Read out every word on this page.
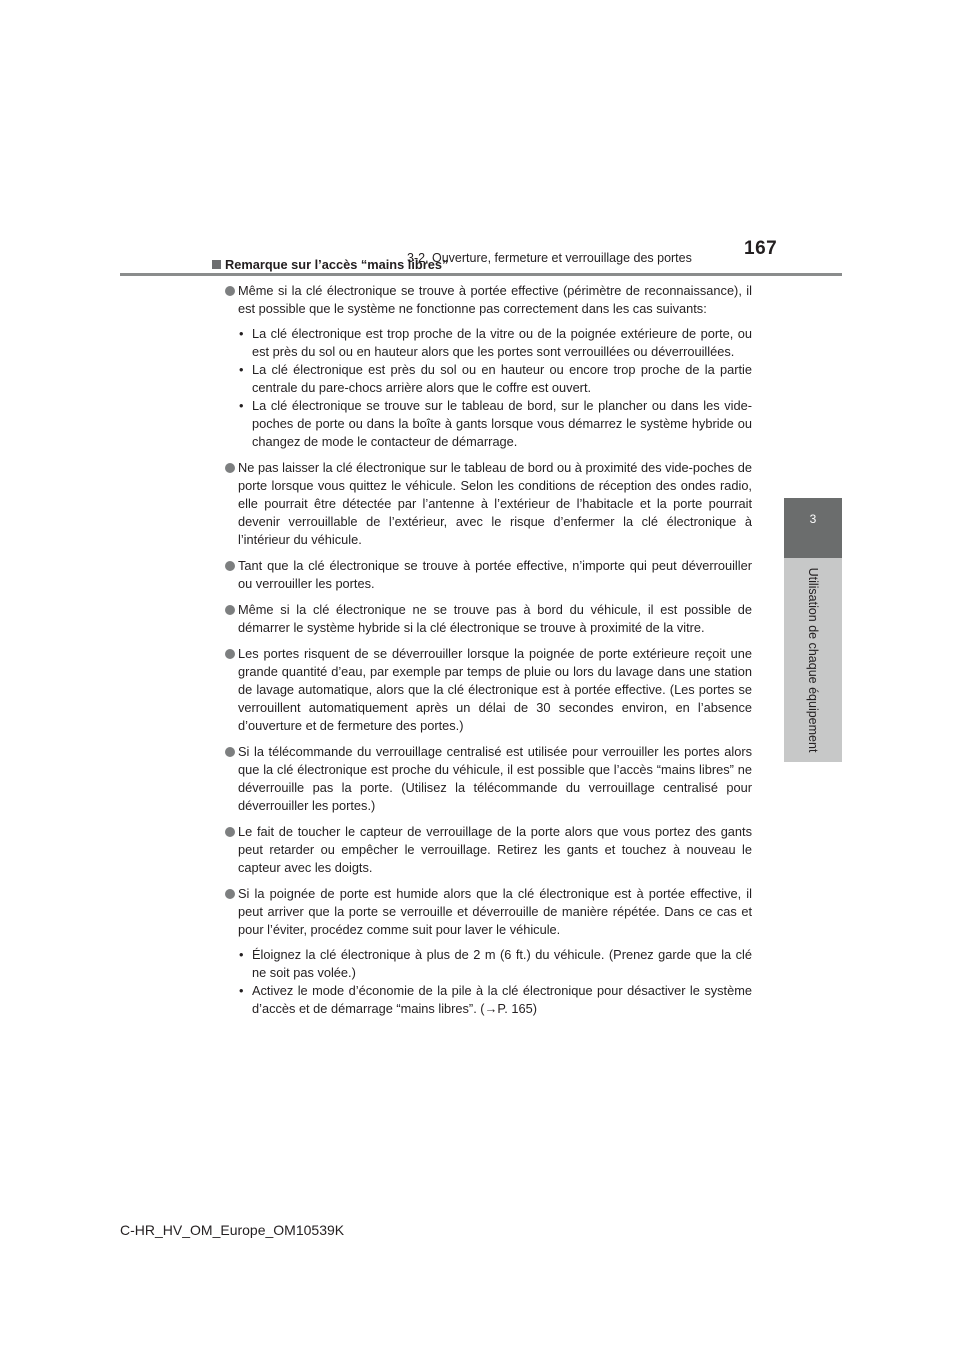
3-2. Ouverture, fermeture et verrouillage des portes	167
3
Utilisation de chaque équipement
Remarque sur l’accès “mains libres”
Même si la clé électronique se trouve à portée effective (périmètre de reconnaissance), il est possible que le système ne fonctionne pas correctement dans les cas suivants:
• La clé électronique est trop proche de la vitre ou de la poignée extérieure de porte, ou est près du sol ou en hauteur alors que les portes sont verrouillées ou déverrouillées.
• La clé électronique est près du sol ou en hauteur ou encore trop proche de la partie centrale du pare-chocs arrière alors que le coffre est ouvert.
• La clé électronique se trouve sur le tableau de bord, sur le plancher ou dans les vide-poches de porte ou dans la boîte à gants lorsque vous démarrez le système hybride ou changez de mode le contacteur de démarrage.
Ne pas laisser la clé électronique sur le tableau de bord ou à proximité des vide-poches de porte lorsque vous quittez le véhicule. Selon les conditions de réception des ondes radio, elle pourrait être détectée par l’antenne à l’extérieur de l’habitacle et la porte pourrait devenir verrouillable de l’extérieur, avec le risque d’enfermer la clé électronique à l’intérieur du véhicule.
Tant que la clé électronique se trouve à portée effective, n’importe qui peut déverrouiller ou verrouiller les portes.
Même si la clé électronique ne se trouve pas à bord du véhicule, il est possible de démarrer le système hybride si la clé électronique se trouve à proximité de la vitre.
Les portes risquent de se déverrouiller lorsque la poignée de porte extérieure reçoit une grande quantité d’eau, par exemple par temps de pluie ou lors du lavage dans une station de lavage automatique, alors que la clé électronique est à portée effective. (Les portes se verrouillent automatiquement après un délai de 30 secondes environ, en l’absence d’ouverture et de fermeture des portes.)
Si la télécommande du verrouillage centralisé est utilisée pour verrouiller les portes alors que la clé électronique est proche du véhicule, il est possible que l’accès “mains libres” ne déverrouille pas la porte. (Utilisez la télécommande du verrouillage centralisé pour déverrouiller les portes.)
Le fait de toucher le capteur de verrouillage de la porte alors que vous portez des gants peut retarder ou empêcher le verrouillage. Retirez les gants et touchez à nouveau le capteur avec les doigts.
Si la poignée de porte est humide alors que la clé électronique est à portée effective, il peut arriver que la porte se verrouille et déverrouille de manière répétée. Dans ce cas et pour l’éviter, procédez comme suit pour laver le véhicule.
• Éloignez la clé électronique à plus de 2 m (6 ft.) du véhicule. (Prenez garde que la clé ne soit pas volée.)
• Activez le mode d’économie de la pile à la clé électronique pour désactiver le système d’accès et de démarrage “mains libres”. (→P. 165)
C-HR_HV_OM_Europe_OM10539K
